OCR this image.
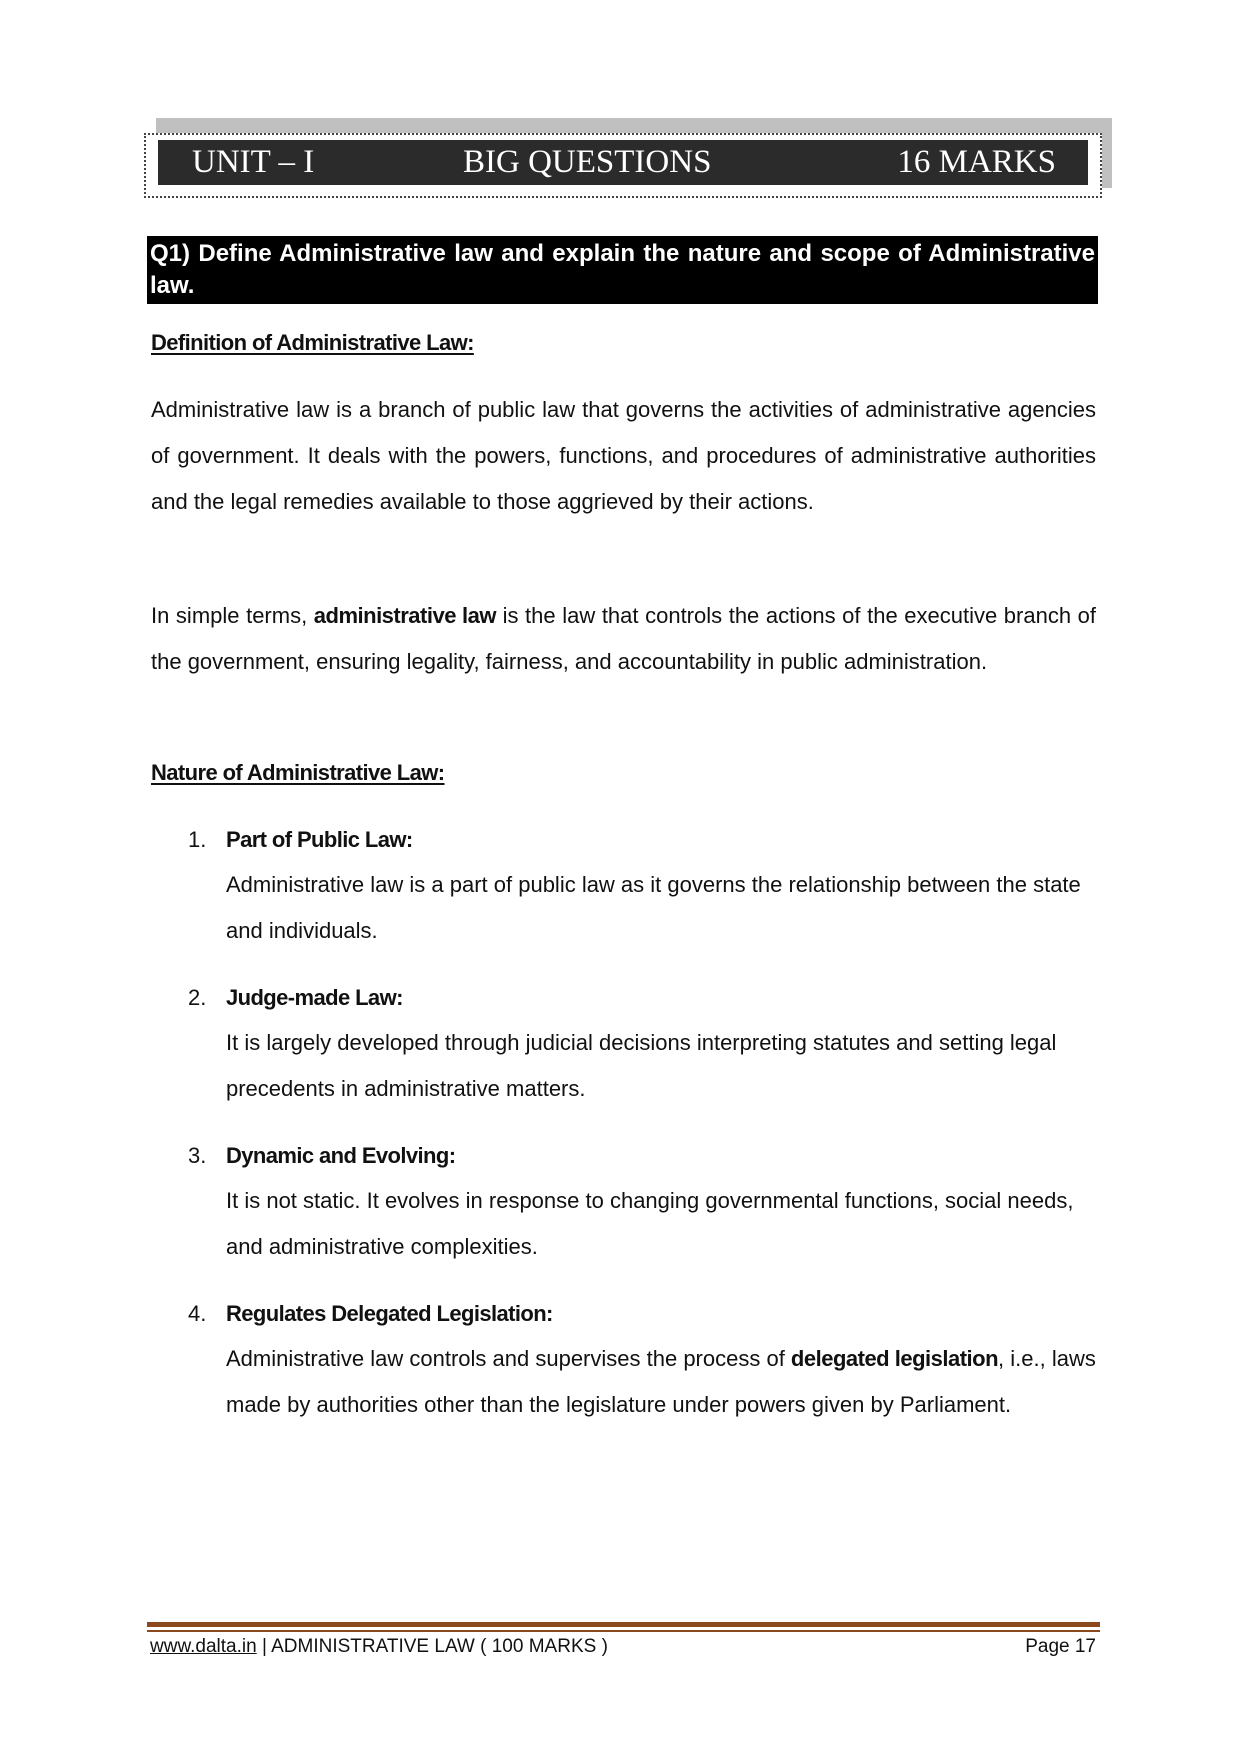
UNIT – I	BIG QUESTIONS	16 MARKS
Q1) Define Administrative law and explain the nature and scope of Administrative law.
Definition of Administrative Law:
Administrative law is a branch of public law that governs the activities of administrative agencies of government. It deals with the powers, functions, and procedures of administrative authorities and the legal remedies available to those aggrieved by their actions.
In simple terms, administrative law is the law that controls the actions of the executive branch of the government, ensuring legality, fairness, and accountability in public administration.
Nature of Administrative Law:
1. Part of Public Law:
Administrative law is a part of public law as it governs the relationship between the state and individuals.
2. Judge-made Law:
It is largely developed through judicial decisions interpreting statutes and setting legal precedents in administrative matters.
3. Dynamic and Evolving:
It is not static. It evolves in response to changing governmental functions, social needs, and administrative complexities.
4. Regulates Delegated Legislation:
Administrative law controls and supervises the process of delegated legislation, i.e., laws made by authorities other than the legislature under powers given by Parliament.
www.dalta.in | ADMINISTRATIVE LAW ( 100 MARKS )	Page 17
